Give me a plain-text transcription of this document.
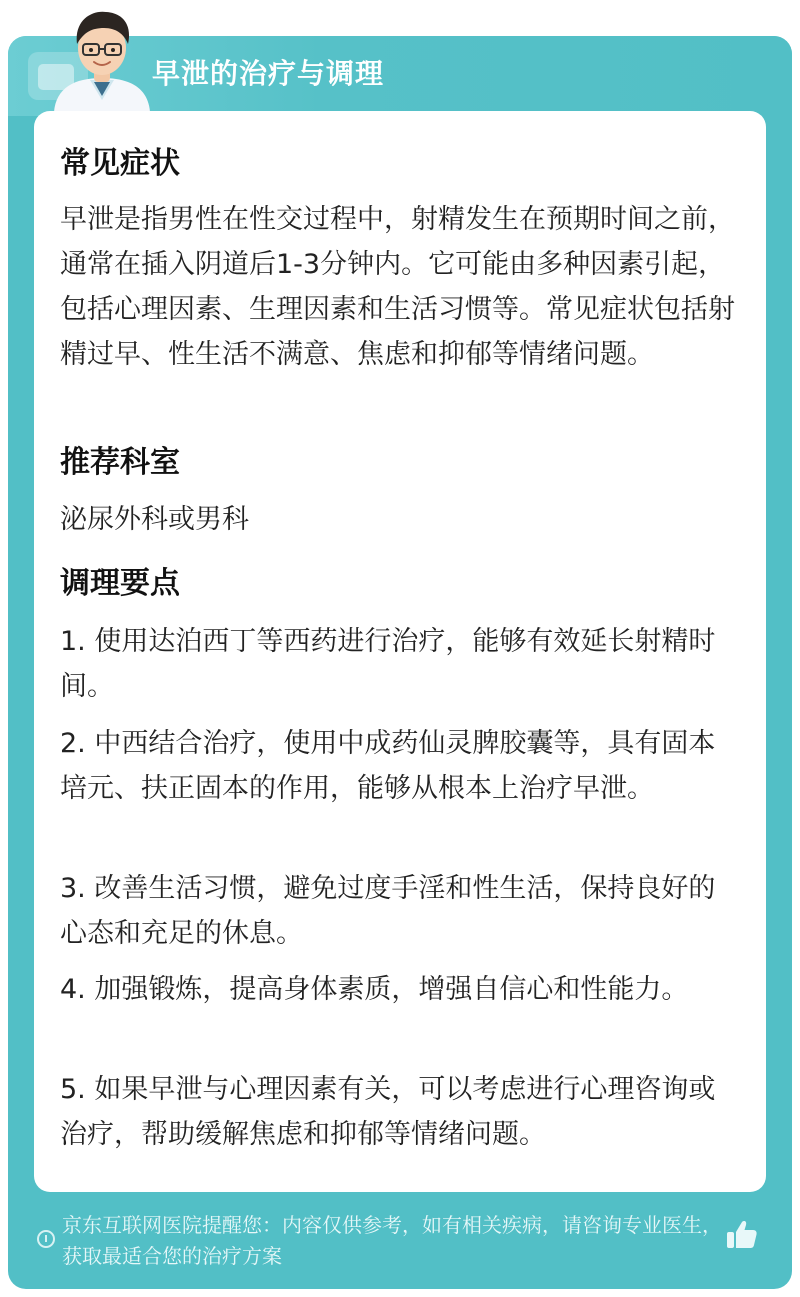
早泄的治疗与调理
常见症状
早泄是指男性在性交过程中，射精发生在预期时间之前，通常在插入阴道后1-3分钟内。它可能由多种因素引起，包括心理因素、生理因素和生活习惯等。常见症状包括射精过早、性生活不满意、焦虑和抑郁等情绪问题。
推荐科室
泌尿外科或男科
调理要点
1. 使用达泊西丁等西药进行治疗，能够有效延长射精时间。
2. 中西结合治疗，使用中成药仙灵脾胶囊等，具有固本培元、扶正固本的作用，能够从根本上治疗早泄。
3. 改善生活习惯，避免过度手淫和性生活，保持良好的心态和充足的休息。
4. 加强锻炼，提高身体素质，增强自信心和性能力。
5. 如果早泄与心理因素有关，可以考虑进行心理咨询或治疗，帮助缓解焦虑和抑郁等情绪问题。
京东互联网医院提醒您：内容仅供参考，如有相关疾病，请咨询专业医生，获取最适合您的治疗方案
